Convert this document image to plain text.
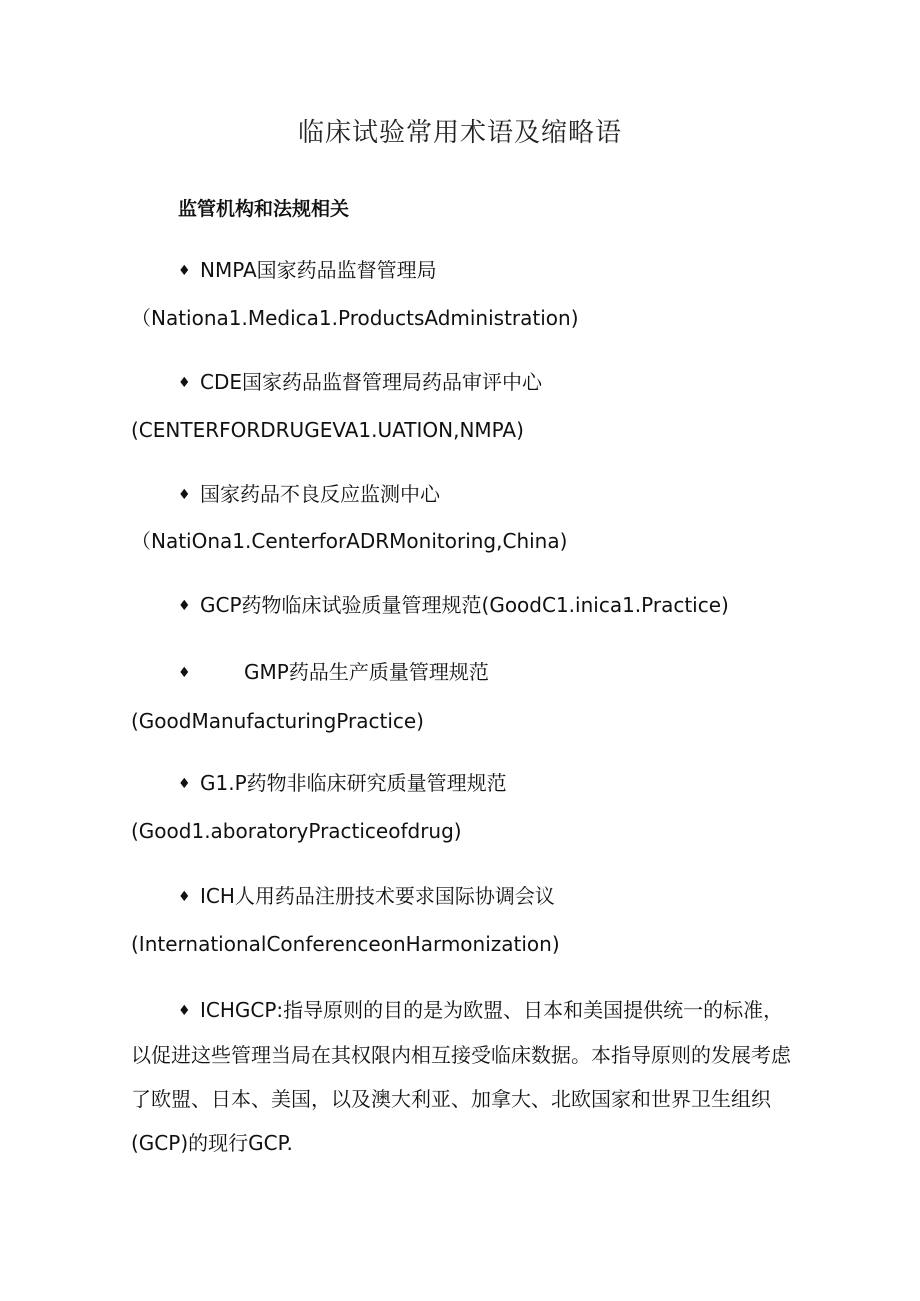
临床试验常用术语及缩略语
监管机构和法规相关
♦ NMPA国家药品监督管理局
（Nationa1.Medica1.ProductsAdministration)
♦ CDE国家药品监督管理局药品审评中心
(CENTERFORDRUGEVA1.UATION,NMPA)
♦ 国家药品不良反应监测中心
（NatiOna1.CenterforADRMonitoring,China)
♦ GCP药物临床试验质量管理规范(GoodC1.inica1.Practice)
♦	GMP药品生产质量管理规范
(GoodManufacturingPractice)
♦ G1.P药物非临床研究质量管理规范
(Good1.aboratoryPracticeofdrug)
♦ ICH人用药品注册技术要求国际协调会议
(InternationalConferenceonHarmonization)
♦ ICHGCP:指导原则的目的是为欧盟、日本和美国提供统一的标准，以促进这些管理当局在其权限内相互接受临床数据。本指导原则的发展考虑了欧盟、日本、美国，以及澳大利亚、加拿大、北欧国家和世界卫生组织(GCP)的现行GCP.
